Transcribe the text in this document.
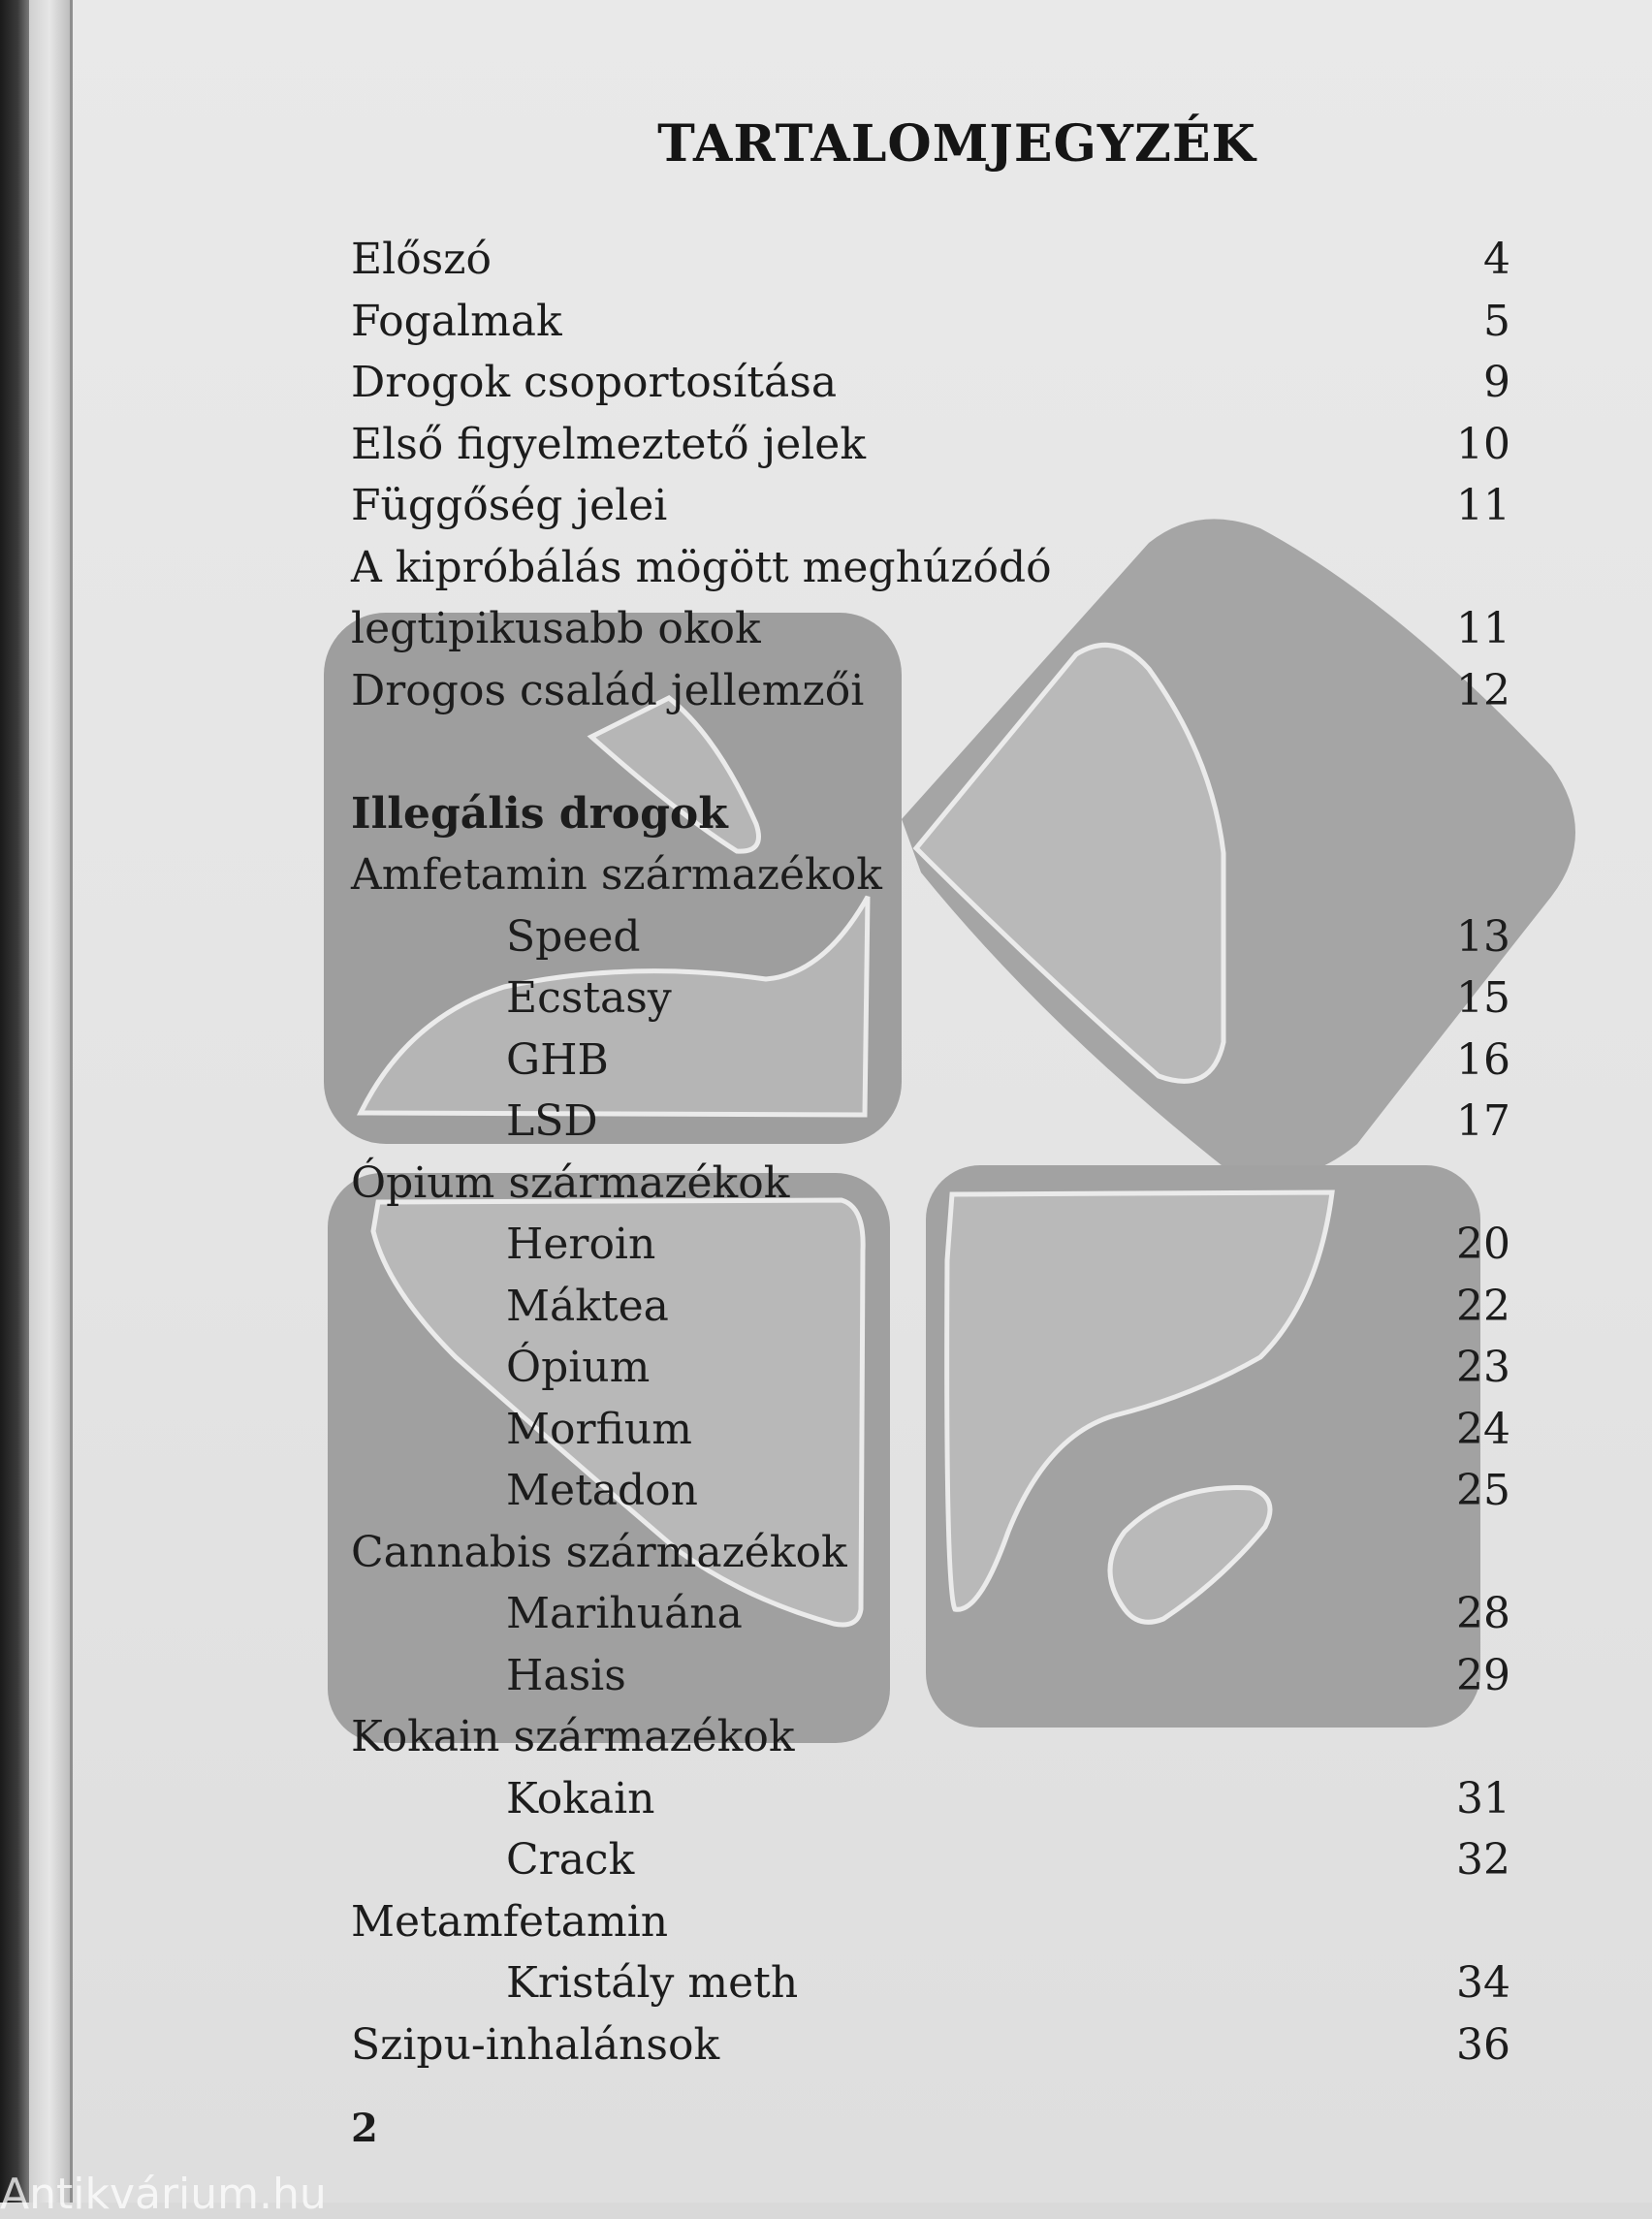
TARTALOMJEGYZÉK
Előszó	4
Fogalmak	5
Drogok csoportosítása	9
Első figyelmeztető jelek	10
Függőség jelei	11
A kipróbálás mögött meghúzódó
legtipikusabb okok	11
Drogos család jellemzői	12
Illegális drogok
Amfetamin származékok
Speed	13
Ecstasy	15
GHB	16
LSD	17
Ópium származékok
Heroin	20
Máktea	22
Ópium	23
Morfium	24
Metadon	25
Cannabis származékok
Marihuána	28
Hasis	29
Kokain származékok
Kokain	31
Crack	32
Metamfetamin
Kristály meth	34
Szipu-inhalánsok	36
2
Antikvárium.hu
